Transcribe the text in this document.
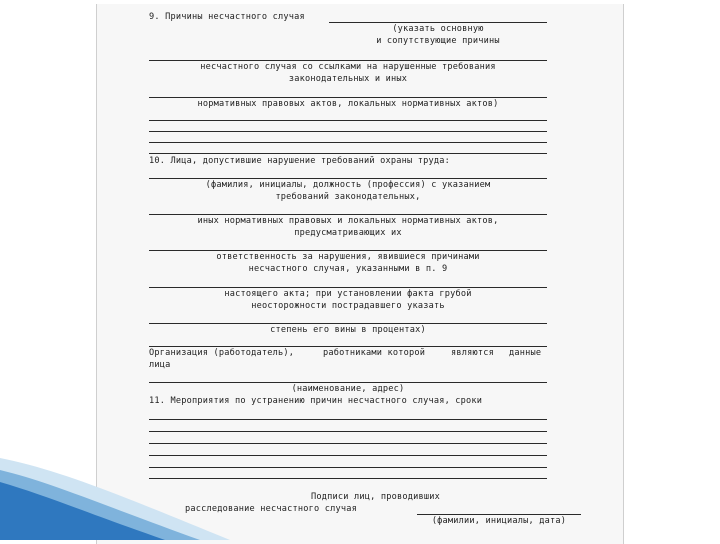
9. Причины несчастного случая
(указать основную
и сопутствующие причины
несчастного случая со ссылками на нарушенные требования
законодательных и иных
нормативных правовых актов, локальных нормативных актов)
10. Лица, допустившие нарушение требований охраны труда:
(фамилия, инициалы, должность (профессия) с указанием
требований законодательных,
иных нормативных правовых и локальных нормативных актов,
предусматривающих их
ответственность за нарушения, явившиеся причинами
несчастного случая, указанными в п. 9
настоящего акта; при установлении факта грубой
неосторожности пострадавшего указать
степень его вины в процентах)
Организация (работодатель),	работниками которой	являются данные
лица
(наименование, адрес)
11. Мероприятия по устранению причин несчастного случая, сроки
Подписи лиц, проводивших
расследование несчастного случая
(фамилии, инициалы, дата)
